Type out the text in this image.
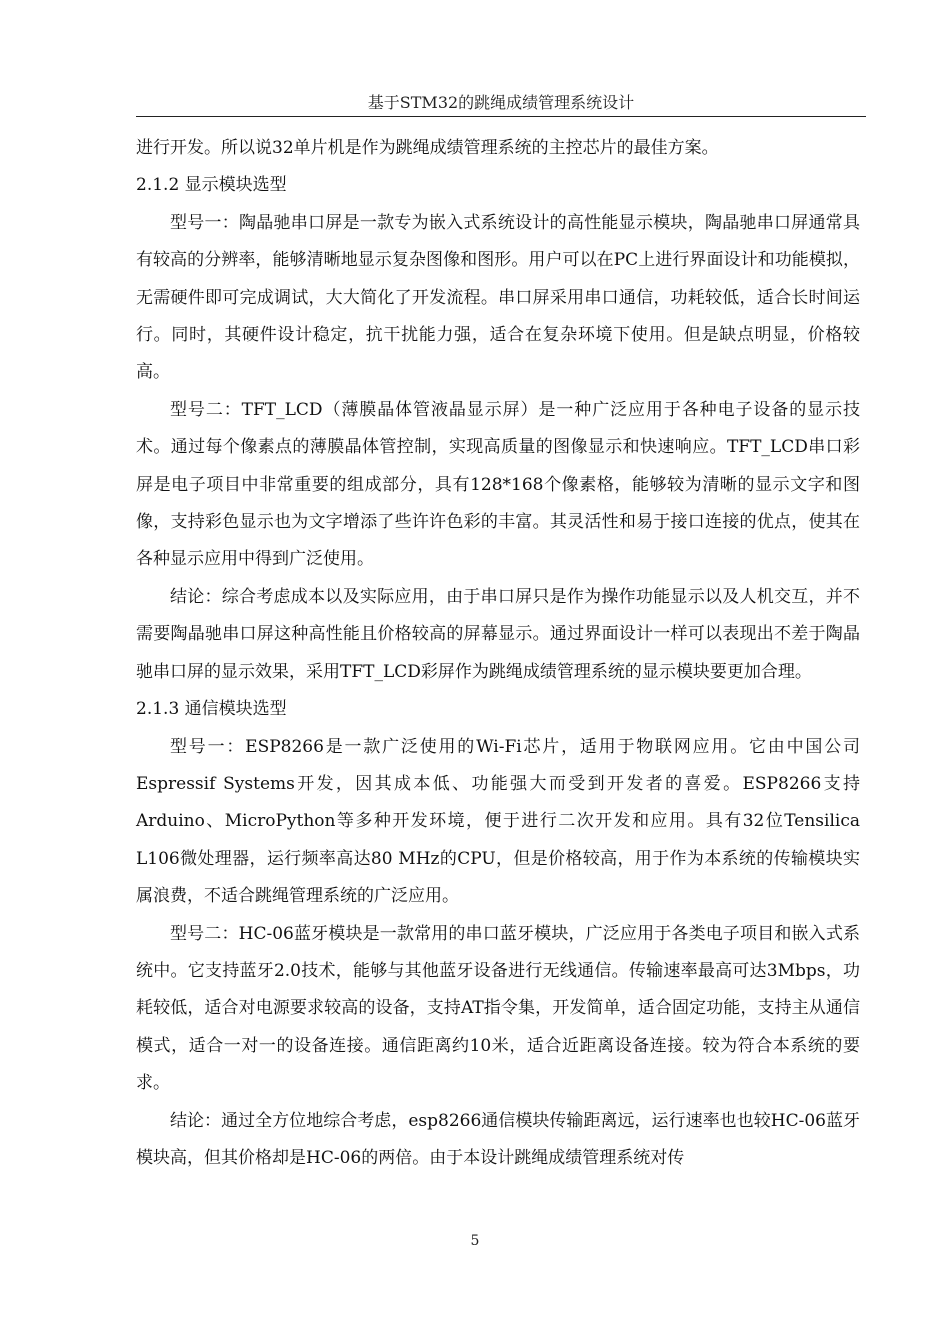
基于STM32的跳绳成绩管理系统设计

进行开发。所以说32单片机是作为跳绳成绩管理系统的主控芯片的最佳方案。

2.1.2 显示模块选型

型号一：陶晶驰串口屏是一款专为嵌入式系统设计的高性能显示模块，陶晶驰串口屏通常具有较高的分辨率，能够清晰地显示复杂图像和图形。用户可以在PC上进行界面设计和功能模拟，无需硬件即可完成调试，大大简化了开发流程。串口屏采用串口通信，功耗较低，适合长时间运行。同时，其硬件设计稳定，抗干扰能力强，适合在复杂环境下使用。但是缺点明显，价格较高。

型号二：TFT_LCD（薄膜晶体管液晶显示屏）是一种广泛应用于各种电子设备的显示技术。通过每个像素点的薄膜晶体管控制，实现高质量的图像显示和快速响应。TFT_LCD串口彩屏是电子项目中非常重要的组成部分，具有128*168个像素格，能够较为清晰的显示文字和图像，支持彩色显示也为文字增添了些许许色彩的丰富。其灵活性和易于接口连接的优点，使其在各种显示应用中得到广泛使用。

结论：综合考虑成本以及实际应用，由于串口屏只是作为操作功能显示以及人机交互，并不需要陶晶驰串口屏这种高性能且价格较高的屏幕显示。通过界面设计一样可以表现出不差于陶晶驰串口屏的显示效果，采用TFT_LCD彩屏作为跳绳成绩管理系统的显示模块要更加合理。

2.1.3 通信模块选型

型号一：ESP8266是一款广泛使用的Wi-Fi芯片，适用于物联网应用。它由中国公司Espressif Systems开发，因其成本低、功能强大而受到开发者的喜爱。ESP8266支持Arduino、MicroPython等多种开发环境，便于进行二次开发和应用。具有32位Tensilica L106微处理器，运行频率高达80 MHz的CPU，但是价格较高，用于作为本系统的传输模块实属浪费，不适合跳绳管理系统的广泛应用。

型号二：HC-06蓝牙模块是一款常用的串口蓝牙模块，广泛应用于各类电子项目和嵌入式系统中。它支持蓝牙2.0技术，能够与其他蓝牙设备进行无线通信。传输速率最高可达3Mbps，功耗较低，适合对电源要求较高的设备，支持AT指令集，开发简单，适合固定功能，支持主从通信模式，适合一对一的设备连接。通信距离约10米，适合近距离设备连接。较为符合本系统的要求。

结论：通过全方位地综合考虑，esp8266通信模块传输距离远，运行速率也也较HC-06蓝牙模块高，但其价格却是HC-06的两倍。由于本设计跳绳成绩管理系统对传

5
